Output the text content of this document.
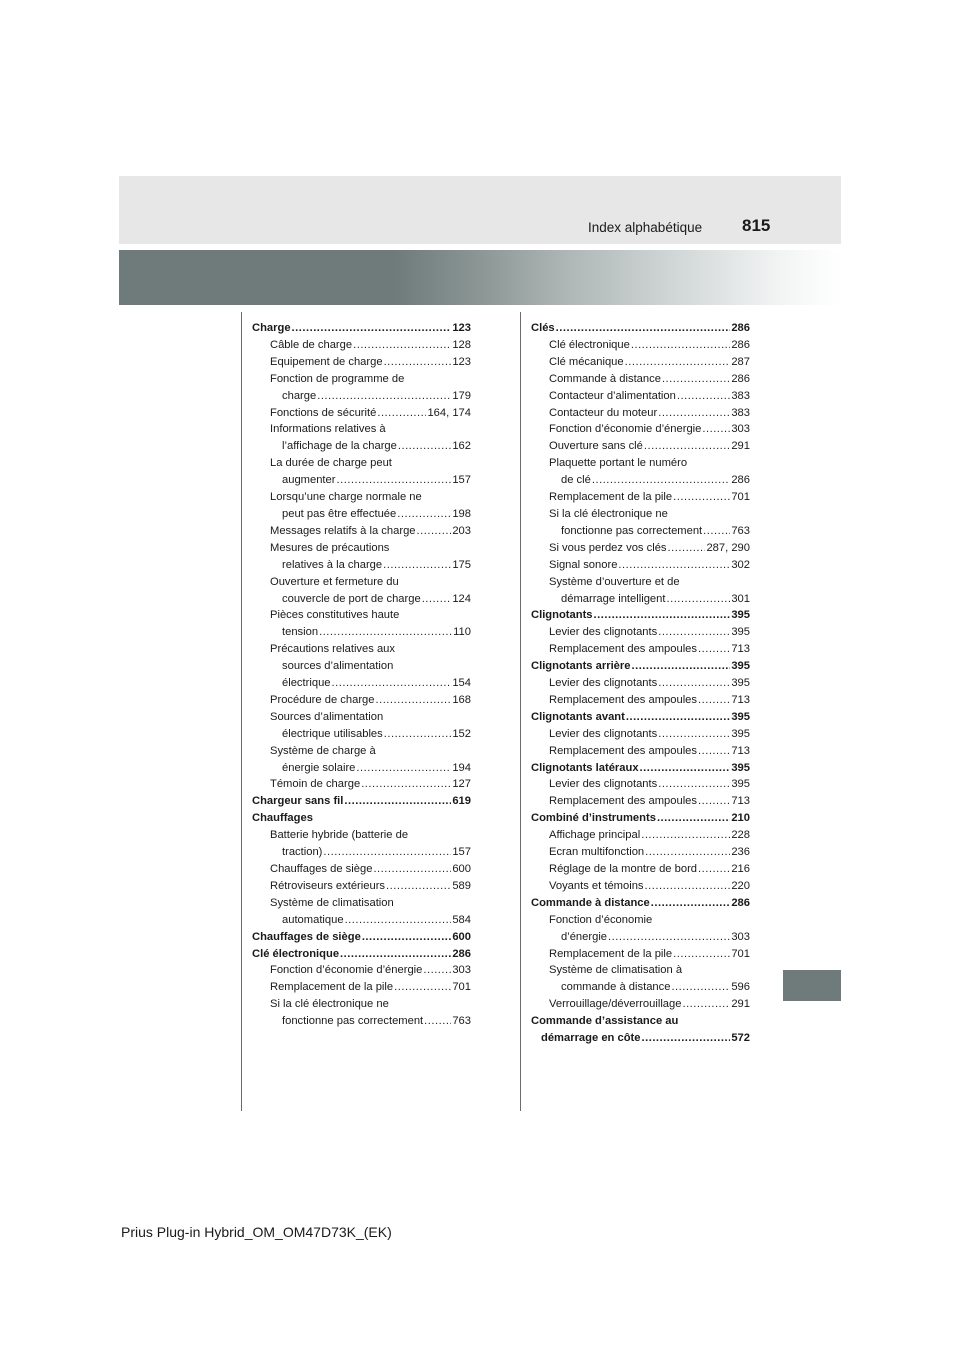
Index alphabétique 815
Charge .....	123
Câble de charge .....	128
Equipement de charge .....	123
Fonction de programme de
charge .....	179
Fonctions de sécurité .....	164, 174
Informations relatives à
l’affichage de la charge .....	162
La durée de charge peut
augmenter .....	157
Lorsqu’une charge normale ne
peut pas être effectuée .....	198
Messages relatifs à la charge .....	203
Mesures de précautions
relatives à la charge .....	175
Ouverture et fermeture du
couvercle de port de charge .....	124
Pièces constitutives haute
tension .....	110
Précautions relatives aux
sources d’alimentation
électrique .....	154
Procédure de charge .....	168
Sources d’alimentation
électrique utilisables .....	152
Système de charge à
énergie solaire .....	194
Témoin de charge .....	127
Chargeur sans fil .....	619
Chauffages
Batterie hybride (batterie de
traction) .....	157
Chauffages de siège .....	600
Rétroviseurs extérieurs .....	589
Système de climatisation
automatique .....	584
Chauffages de siège .....	600
Clé électronique .....	286
Fonction d’économie d’énergie .....	303
Remplacement de la pile .....	701
Si la clé électronique ne
fonctionne pas correctement .....	763
Clés .....	286
Clé électronique .....	286
Clé mécanique .....	287
Commande à distance .....	286
Contacteur d’alimentation .....	383
Contacteur du moteur .....	383
Fonction d’économie d’énergie .....	303
Ouverture sans clé .....	291
Plaquette portant le numéro
de clé .....	286
Remplacement de la pile .....	701
Si la clé électronique ne
fonctionne pas correctement .....	763
Si vous perdez vos clés .....	287, 290
Signal sonore .....	302
Système d’ouverture et de
démarrage intelligent .....	301
Clignotants .....	395
Levier des clignotants .....	395
Remplacement des ampoules .....	713
Clignotants arrière .....	395
Levier des clignotants .....	395
Remplacement des ampoules .....	713
Clignotants avant .....	395
Levier des clignotants .....	395
Remplacement des ampoules .....	713
Clignotants latéraux .....	395
Levier des clignotants .....	395
Remplacement des ampoules .....	713
Combiné d’instruments .....	210
Affichage principal .....	228
Ecran multifonction .....	236
Réglage de la montre de bord .....	216
Voyants et témoins .....	220
Commande à distance .....	286
Fonction d’économie
d’énergie .....	303
Remplacement de la pile .....	701
Système de climatisation à
commande à distance .....	596
Verrouillage/déverrouillage .....	291
Commande d’assistance au
démarrage en côte .....	572
Prius Plug-in Hybrid_OM_OM47D73K_(EK)
